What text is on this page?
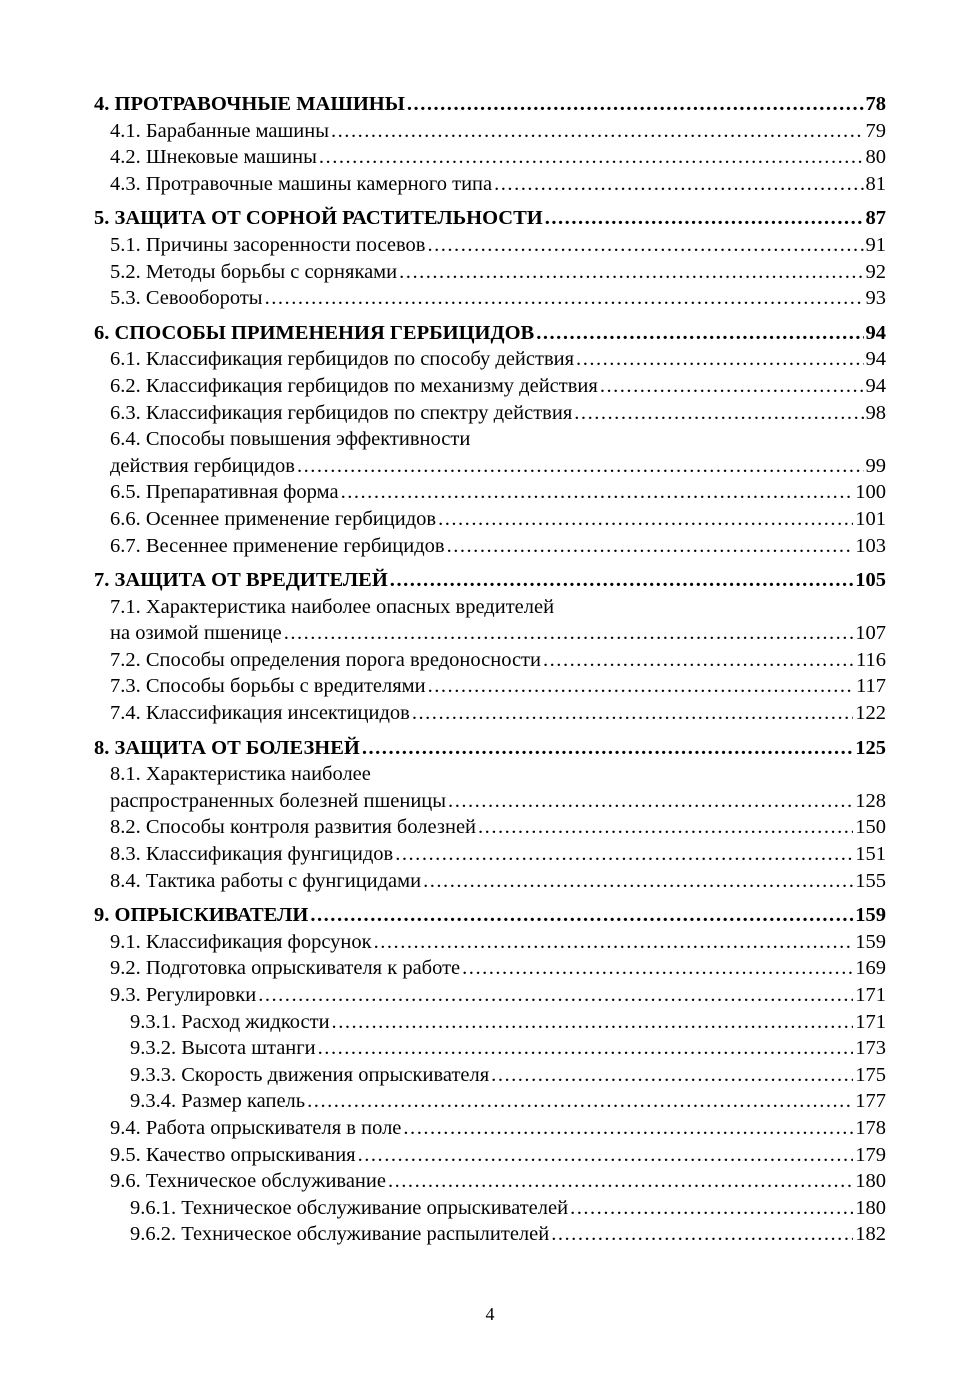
4. ПРОТРАВОЧНЫЕ МАШИНЫ . . .	78
4.1. Барабанные машины . . .	79
4.2. Шнековые машины . . .	80
4.3. Протравочные машины камерного типа . . .	81
5. ЗАЩИТА ОТ СОРНОЙ РАСТИТЕЛЬНОСТИ . . .	87
5.1. Причины засоренности посевов . . .	91
5.2. Методы борьбы с сорняками . . .	92
5.3. Севообороты . . .	93
6. СПОСОБЫ ПРИМЕНЕНИЯ ГЕРБИЦИДОВ . . .	94
6.1. Классификация гербицидов по способу действия . . .	94
6.2. Классификация гербицидов по механизму действия . . .	94
6.3. Классификация гербицидов по спектру действия . . .	98
6.4. Способы повышения эффективности
действия гербицидов . . .	99
6.5. Препаративная форма . . .	100
6.6. Осеннее применение гербицидов . . .	101
6.7. Весеннее применение гербицидов . . .	103
7. ЗАЩИТА ОТ ВРЕДИТЕЛЕЙ . . .	105
7.1. Характеристика наиболее опасных вредителей
на озимой пшенице . . .	107
7.2. Способы определения порога вредоносности . . .	116
7.3. Способы борьбы с вредителями . . .	117
7.4. Классификация инсектицидов . . .	122
8. ЗАЩИТА ОТ БОЛЕЗНЕЙ . . .	125
8.1. Характеристика наиболее
распространенных болезней пшеницы . . .	128
8.2. Способы контроля развития болезней . . .	150
8.3. Классификация фунгицидов . . .	151
8.4. Тактика работы с фунгицидами . . .	155
9. ОПРЫСКИВАТЕЛИ . . .	159
9.1. Классификация форсунок . . .	159
9.2. Подготовка опрыскивателя к работе . . .	169
9.3. Регулировки . . .	171
9.3.1. Расход жидкости . . .	171
9.3.2. Высота штанги . . .	173
9.3.3. Скорость движения опрыскивателя . . .	175
9.3.4. Размер капель . . .	177
9.4. Работа опрыскивателя в поле . . .	178
9.5. Качество опрыскивания . . .	179
9.6. Техническое обслуживание . . .	180
9.6.1. Техническое обслуживание опрыскивателей . . .	180
9.6.2. Техническое обслуживание распылителей . . .	182
4
